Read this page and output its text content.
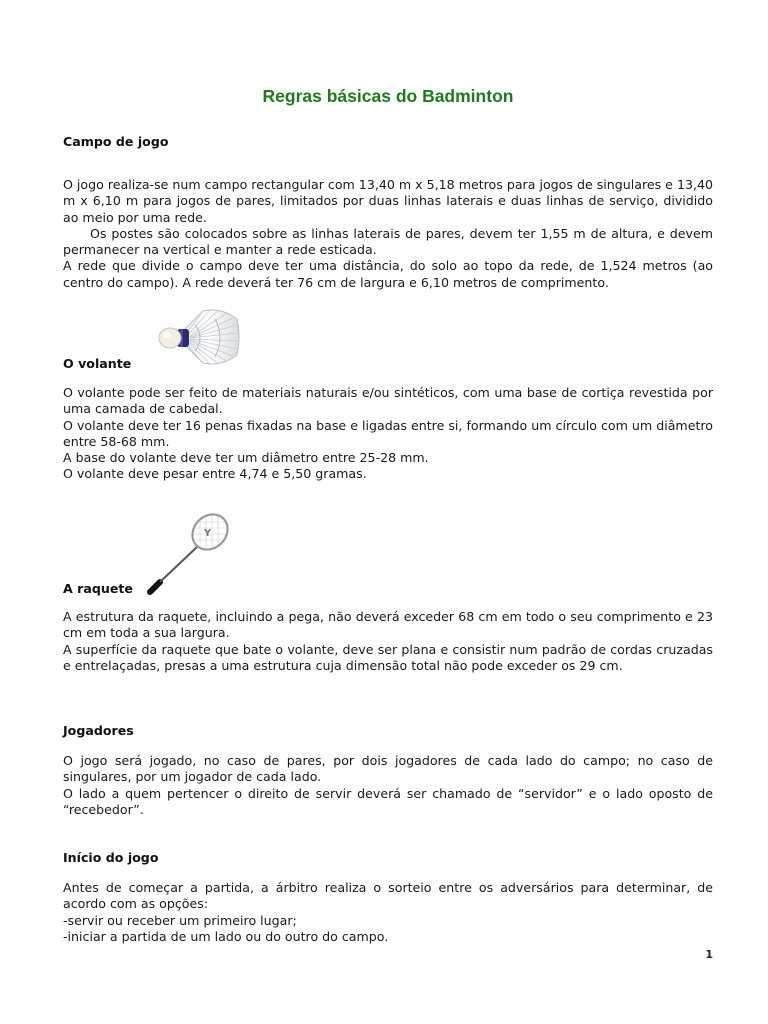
Regras básicas do Badminton
Campo de jogo

O jogo realiza-se num campo rectangular com 13,40 m x 5,18 metros para jogos de singulares e 13,40 m x 6,10 m para jogos de pares, limitados por duas linhas laterais e duas linhas de serviço, dividido ao meio por uma rede.

Os postes são colocados sobre as linhas laterais de pares, devem ter 1,55 m de altura, e devem permanecer na vertical e manter a rede esticada.

A rede que divide o campo deve ter uma distância, do solo ao topo da rede, de 1,524 metros (ao centro do campo). A rede deverá ter 76 cm de largura e 6,10 metros de comprimento.

O volante

O volante pode ser feito de materiais naturais e/ou sintéticos, com uma base de cortiça revestida por uma camada de cabedal.

O volante deve ter 16 penas fixadas na base e ligadas entre si, formando um círculo com um diâmetro entre 58-68 mm.

A base do volante deve ter um diâmetro entre 25-28 mm.

O volante deve pesar entre 4,74 e 5,50 gramas.

Y
A raquete

A estrutura da raquete, incluindo a pega, não deverá exceder 68 cm em todo o seu comprimento e 23 cm em toda a sua largura.

A superfície da raquete que bate o volante, deve ser plana e consistir num padrão de cordas cruzadas e entrelaçadas, presas a uma estrutura cuja dimensão total não pode exceder os 29 cm.

Jogadores

O jogo será jogado, no caso de pares, por dois jogadores de cada lado do campo; no caso de singulares, por um jogador de cada lado.

O lado a quem pertencer o direito de servir deverá ser chamado de “servidor” e o lado oposto de “recebedor”.

Início do jogo

Antes de começar a partida, a árbitro realiza o sorteio entre os adversários para determinar, de acordo com as opções:

-servir ou receber um primeiro lugar;

-iniciar a partida de um lado ou do outro do campo.

1
